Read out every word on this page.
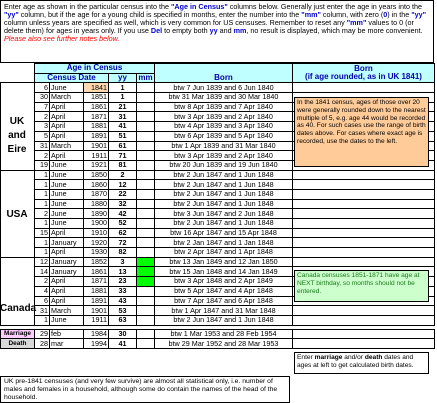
Enter age as shown in the particular census into the "Age in Census" columns below. Generally just enter the age in years into the "yy" column, but if the age for a young child is specified in months, enter the number into the "mm" column, with zero (0) in the "yy" column unless years are specified as well, which is very common for US censuses. Remember to reset any "mm" values to 0 (or delete them) for ages in years only. If you use Del to empty both yy and mm, no result is displayed, which may be more convenient.
Please also see further notes below.
	Age in Census					Born	Born
(if age rounded, as in UK 1841)

	Census Date			yy	mm		
	6	June	1841	1		btw 7 Jun 1839 and 6 Jun 1840	
	30	March	1851	1		btw 31 Mar 1839 and 30 Mar 1840	
	7	April	1861	21		btw 8 Apr 1839 and 7 Apr 1840	
	2	April	1871	31		btw 3 Apr 1839 and 2 Apr 1840	
	3	April	1881	41		btw 4 Apr 1839 and 3 Apr 1840	
	5	April	1891	51		btw 6 Apr 1839 and 5 Apr 1840	
	31	March	1901	61		btw 1 Apr 1839 and 31 Mar 1840	
	2	April	1911	71		btw 3 Apr 1839 and 2 Apr 1840	
	19	June	1921	81		btw 20 Jun 1839 and 19 Jun 1840	
	1	June	1850	2		btw 2 Jun 1847 and 1 Jun 1848	
	1	June	1860	12		btw 2 Jun 1847 and 1 Jun 1848	
	1	June	1870	22		btw 2 Jun 1847 and 1 Jun 1848	
	1	June	1880	32		btw 2 Jun 1847 and 1 Jun 1848	
	2	June	1890	42		btw 3 Jun 1847 and 2 Jun 1848	
	1	June	1900	52		btw 2 Jun 1847 and 1 Jun 1848	
	15	April	1910	62		btw 16 Apr 1847 and 15 Apr 1848	
	1	January	1920	72		btw 2 Jan 1847 and 1 Jan 1848	
	1	April	1930	82		btw 2 Apr 1847 and 1 Apr 1848	
	12	January	1852	3		btw 13 Jan 1849 and 12 Jan 1850	
	14	January	1861	13		btw 15 Jan 1848 and 14 Jan 1849	
	2	April	1871	23		btw 3 Apr 1848 and 2 Apr 1849	
	4	April	1881	33		btw 5 Apr 1847 and 4 Apr 1848	
	6	April	1891	43		btw 7 Apr 1847 and 6 Apr 1848	
	31	March	1901	53		btw 1 Apr 1847 and 31 Mar 1848	
	1	June	1911	63		btw 2 Jun 1847 and 1 Jun 1848	

Marriage	29	feb	1984	30		btw 1 Mar 1953 and 28 Feb 1954	
Death	28	mar	1994	41		btw 29 Mar 1952 and 28 Mar 1953	
UK and Eire
USA
Canada
In the 1841 census, ages of those over 20 were generally rounded down to the nearest multiple of 5, e.g. age 44 would be recorded as 40. For such cases use the range of birth dates above. For cases where exact age is recorded, use the dates to the left.
Canada censuses 1851-1871 have age at NEXT birthday, so months should not be entered.
Enter marriage and/or death dates and ages at left to get calculated birth dates.
UK pre-1841 censuses (and very few survive) are almost all statistical only, i.e. number of males and females in a household, although some do contain the names of the head of the household.
